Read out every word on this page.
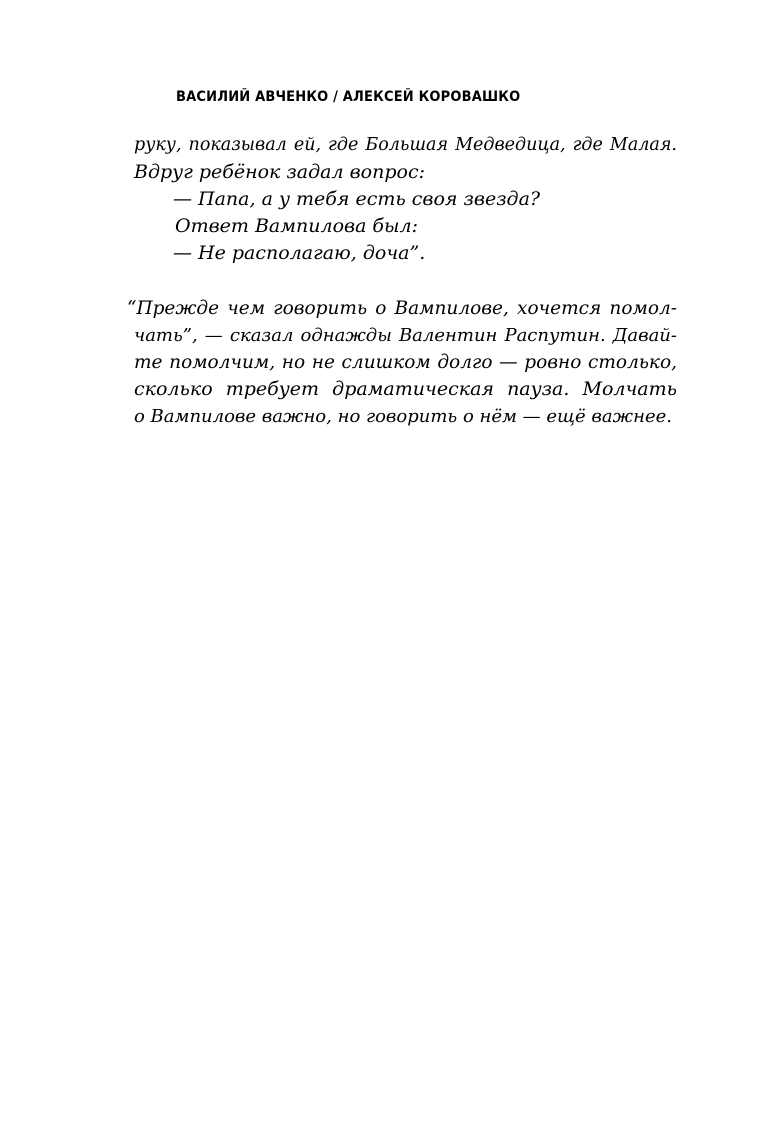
ВАСИЛИЙ АВЧЕНКО / АЛЕКСЕЙ КОРОВАШКО
руку, показывал ей, где Большая Медведица, где Малая.
Вдруг ребёнок задал вопрос:
— Папа, а у тебя есть своя звезда?
Ответ Вампилова был:
— Не располагаю, доча”.
“Прежде чем говорить о Вампилове, хочется помол-
чать”, — сказал однажды Валентин Распутин. Давай-
те помолчим, но не слишком долго — ровно столько,
сколько требует драматическая пауза. Молчать
о Вампилове важно, но говорить о нём — ещё важнее.
